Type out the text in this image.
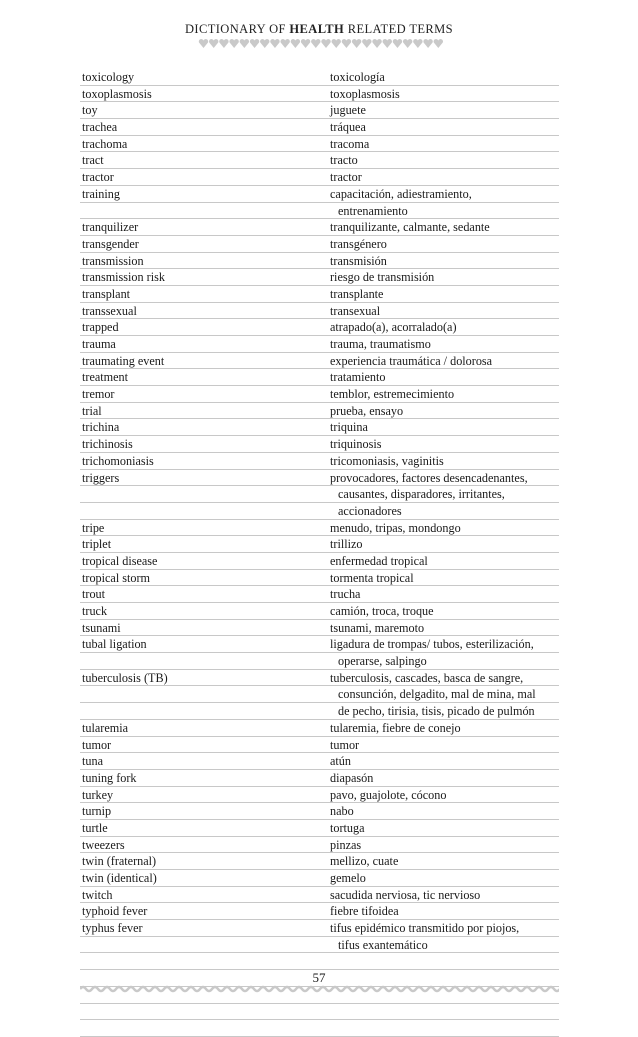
DICTIONARY OF HEALTH RELATED TERMS
toxicology	toxicología
toxoplasmosis	toxoplasmosis
toy	juguete
trachea	tráquea
trachoma	tracoma
tract	tracto
tractor	tractor
training	capacitación, adiestramiento,
entrenamiento
tranquilizer	tranquilizante, calmante, sedante
transgender	transgénero
transmission	transmisión
transmission risk	riesgo de transmisión
transplant	transplante
transsexual	transexual
trapped	atrapado(a), acorralado(a)
trauma	trauma, traumatismo
traumating event	experiencia traumática / dolorosa
treatment	tratamiento
tremor	temblor, estremecimiento
trial	prueba, ensayo
trichina	triquina
trichinosis	triquinosis
trichomoniasis	tricomoniasis, vaginitis
triggers	provocadores, factores desencadenantes,
causantes, disparadores, irritantes,
accionadores
tripe	menudo, tripas, mondongo
triplet	trillizo
tropical disease	enfermedad tropical
tropical storm	tormenta tropical
trout	trucha
truck	camión, troca, troque
tsunami	tsunami, maremoto
tubal ligation	ligadura de trompas/ tubos, esterilización,
operarse, salpingo
tuberculosis (TB)	tuberculosis, cascades, basca de sangre,
consunción, delgadito, mal de mina, mal
de pecho, tirisia, tisis, picado de pulmón
tularemia	tularemia, fiebre de conejo
tumor	tumor
tuna	atún
tuning fork	diapasón
turkey	pavo, guajolote, cócono
turnip	nabo
turtle	tortuga
tweezers	pinzas
twin (fraternal)	mellizo, cuate
twin (identical)	gemelo
twitch	sacudida nerviosa, tic nervioso
typhoid fever	fiebre tifoidea
typhus fever	tifus epidémico transmitido por piojos,
tifus exantemático
57
